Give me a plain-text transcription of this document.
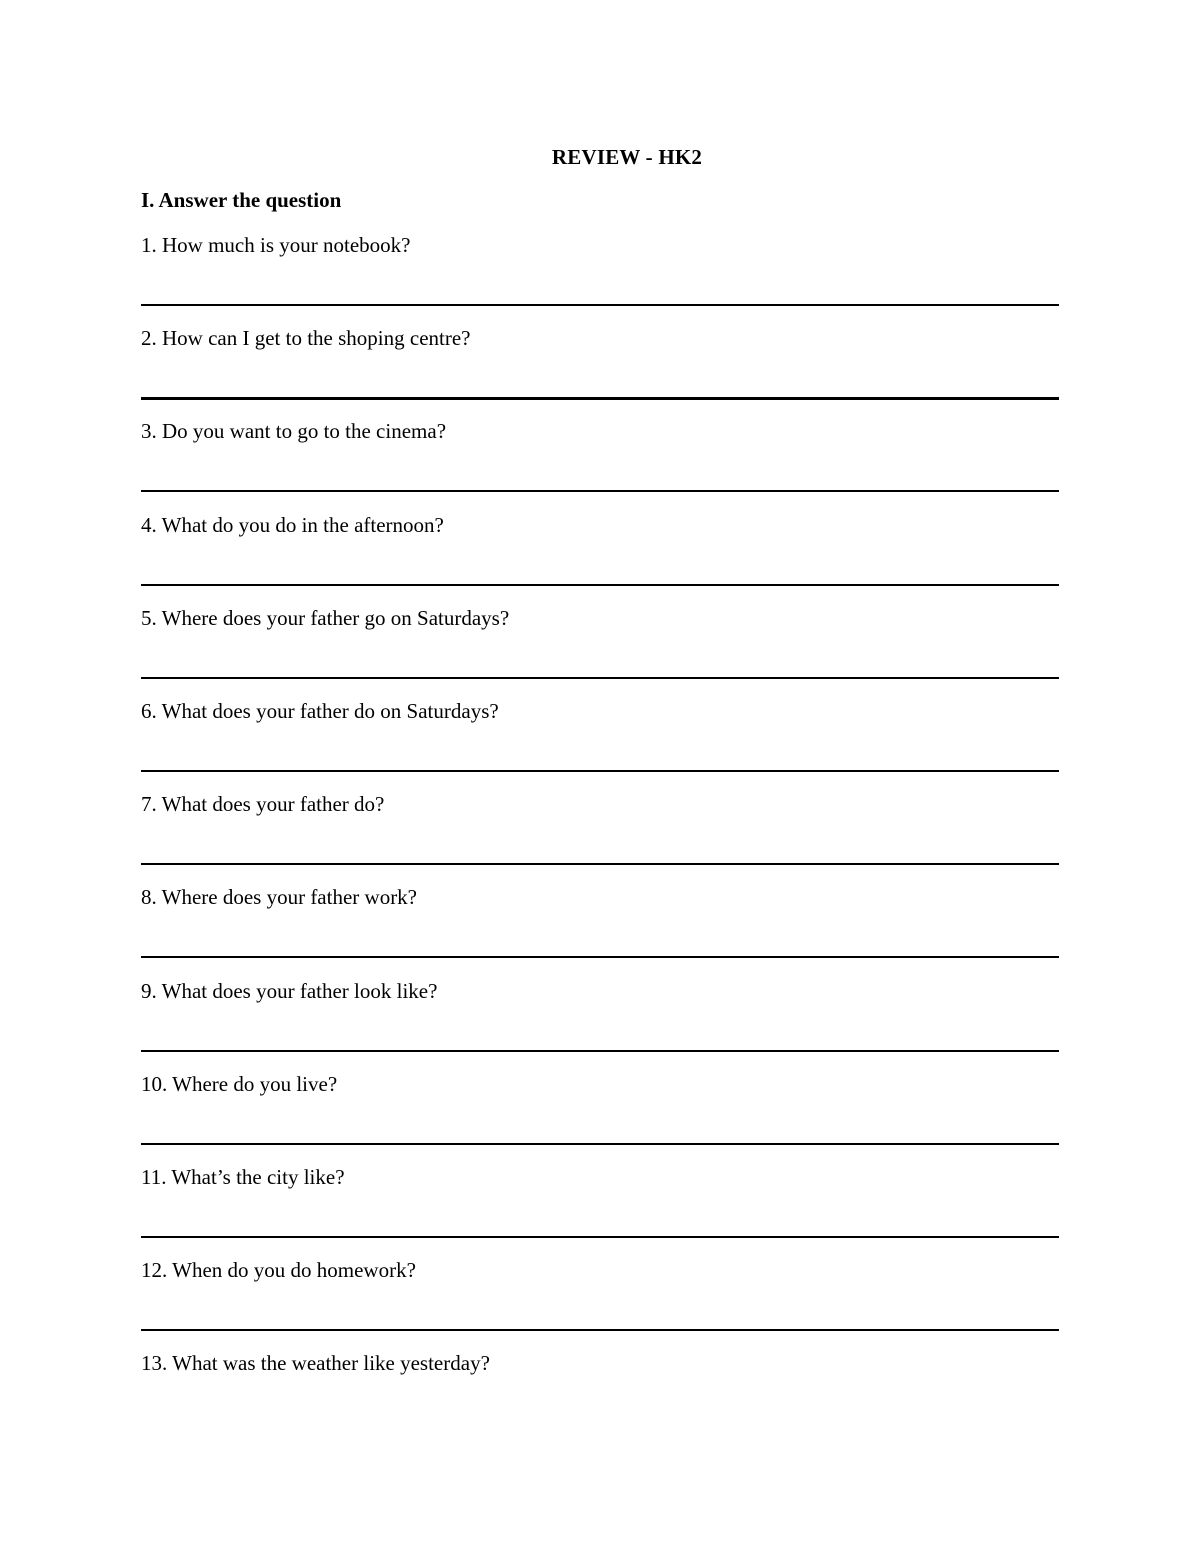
REVIEW - HK2
I. Answer the question
1. How much is your notebook?
2. How can I get to the shoping centre?
3. Do you want to go to the cinema?
4. What do you do in the afternoon?
5. Where does your father go on Saturdays?
6. What does your father do on Saturdays?
7. What does your father do?
8. Where does your father work?
9. What does your father look like?
10. Where do you live?
11. What’s the city like?
12. When do you do homework?
13. What was the weather like yesterday?
